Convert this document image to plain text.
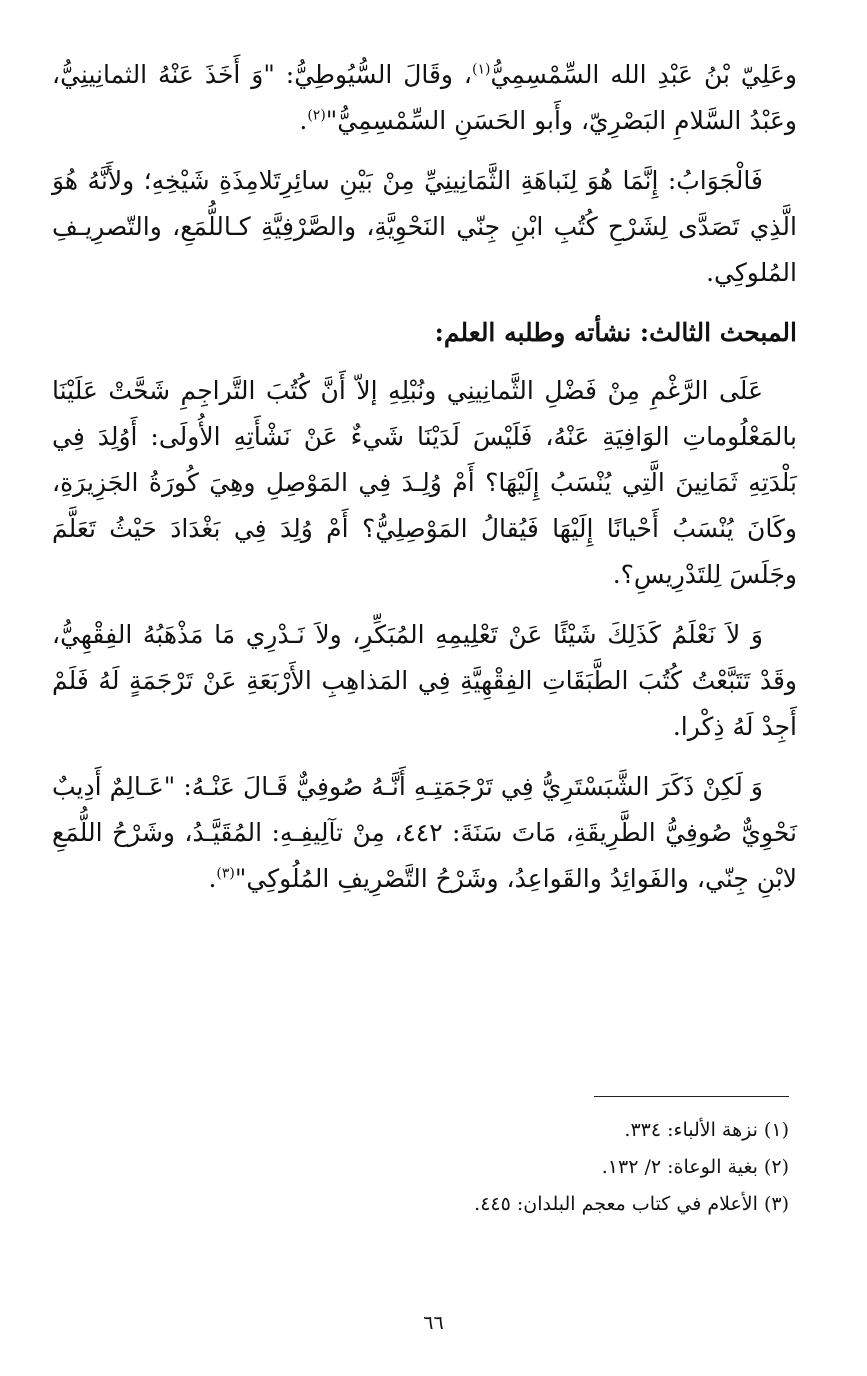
وعَلِيّ بْنُ عَبْدِ الله السِّمْسِمِيُّ$^{(١)}$، وقَالَ السُّيُوطِيُّ: "وَ أَخَذَ عَنْهُ الثمانِينِيُّ، وعَبْدُ السَّلامِ البَصْرِيّ، وأَبو الحَسَنِ السِّمْسِمِيُّ"$^{(٢)}$.

فَالْجَوَابُ: إِنَّمَا هُوَ لِنَباهَةِ الثَّمَانِينِيِّ مِنْ بَيْنِ سائِرِتَلامِذَةِ شَيْخِهِ؛ ولأَنَّهُ هُوَ الَّذِي تَصَدَّى لِشَرْحِ كُتُبِ ابْنِ جِنّي النَحْوِيَّةِ، والصَّرْفِيَّةِ كـاللُّمَعِ، والتّصرِيـفِ المُلوكِي.

المبحث الثالث: نشأته وطلبه العلم:

عَلَى الرَّغْمِ مِنْ فَضْلِ الثَّمانِينِي ونُبْلِهِ إلاّ أَنَّ كُتُبَ التَّراجِمِ شَحَّتْ عَلَيْنَا بالمَعْلُوماتِ الوَافِيَةِ عَنْهُ، فَلَيْسَ لَدَيْنَا شَيءٌ عَنْ نَشْأَتِهِ الأُولَى: أَوُلِدَ فِي بَلْدَتِهِ ثَمَانِينَ الَّتِي يُنْسَبُ إِلَيْهَا؟ أَمْ وُلِـدَ فِي المَوْصِلِ وهِيَ كُورَةُ الجَزِيرَةِ، وكَانَ يُنْسَبُ أَحْيانًا إِلَيْهَا فَيُقالُ المَوْصِلِيُّ؟ أَمْ وُلِدَ فِي بَغْدَادَ حَيْثُ تَعَلَّمَ وجَلَسَ لِلتَدْرِيسِ؟.

وَ لاَ نَعْلَمُ كَذَلِكَ شَيْئًا عَنْ تَعْلِيمِهِ المُبَكِّرِ، ولاَ نَـدْرِي مَا مَذْهَبُهُ الفِقْهِيُّ، وقَدْ تَتَبَّعْتُ كُتُبَ الطَّبَقَاتِ الفِقْهِيَّةِ فِي المَذاهِبِ الأَرْبَعَةِ عَنْ تَرْجَمَةٍ لَهُ فَلَمْ أَجِدْ لَهُ ذِكْرا.

وَ لَكِنْ ذَكَرَ الشَّبَسْتَرِيُّ فِي تَرْجَمَتِـهِ أَنَّـهُ صُوفِيٌّ قَـالَ عَنْـهُ: "عَـالِمٌ أَدِيبٌ نَحْوِيٌّ صُوفِيُّ الطَّرِيقَةِ، مَاتَ سَنَةَ: ٤٤٢، مِنْ تآلِيفِـهِ: المُقَيَّـدُ، وشَرْحُ اللُّمَعِ لابْنِ جِنّي، والفَوائِدُ والقَواعِدُ، وشَرْحُ التَّصْرِيفِ المُلُوكِي"$^{(٣)}$.

(١) نزهة الألباء: ٣٣٤.

(٢) بغية الوعاة: ٢/ ١٣٢.

(٣) الأعلام في كتاب معجم البلدان: ٤٤٥.

٦٦
